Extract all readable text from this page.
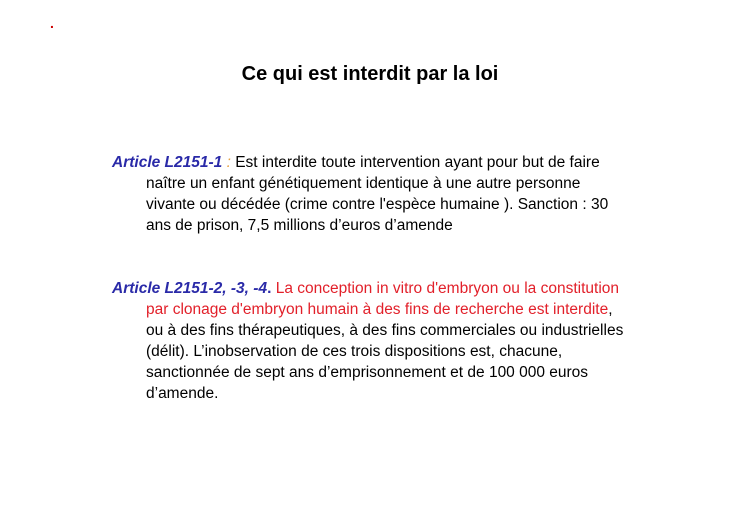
.
Ce qui est interdit par la loi

Article L2151-1 : Est interdite toute intervention ayant pour but de faire naître un enfant génétiquement identique à une autre personne vivante ou décédée (crime contre l'espèce humaine ). Sanction : 30 ans de prison, 7,5 millions d’euros d’amende

Article L2151-2, -3, -4. La conception in vitro d'embryon ou la constitution par clonage d'embryon humain à des fins de recherche est interdite, ou à des fins thérapeutiques, à des fins commerciales ou industrielles (délit). L’inobservation de ces trois dispositions est, chacune, sanctionnée de sept ans d’emprisonnement et de 100 000 euros d’amende.
